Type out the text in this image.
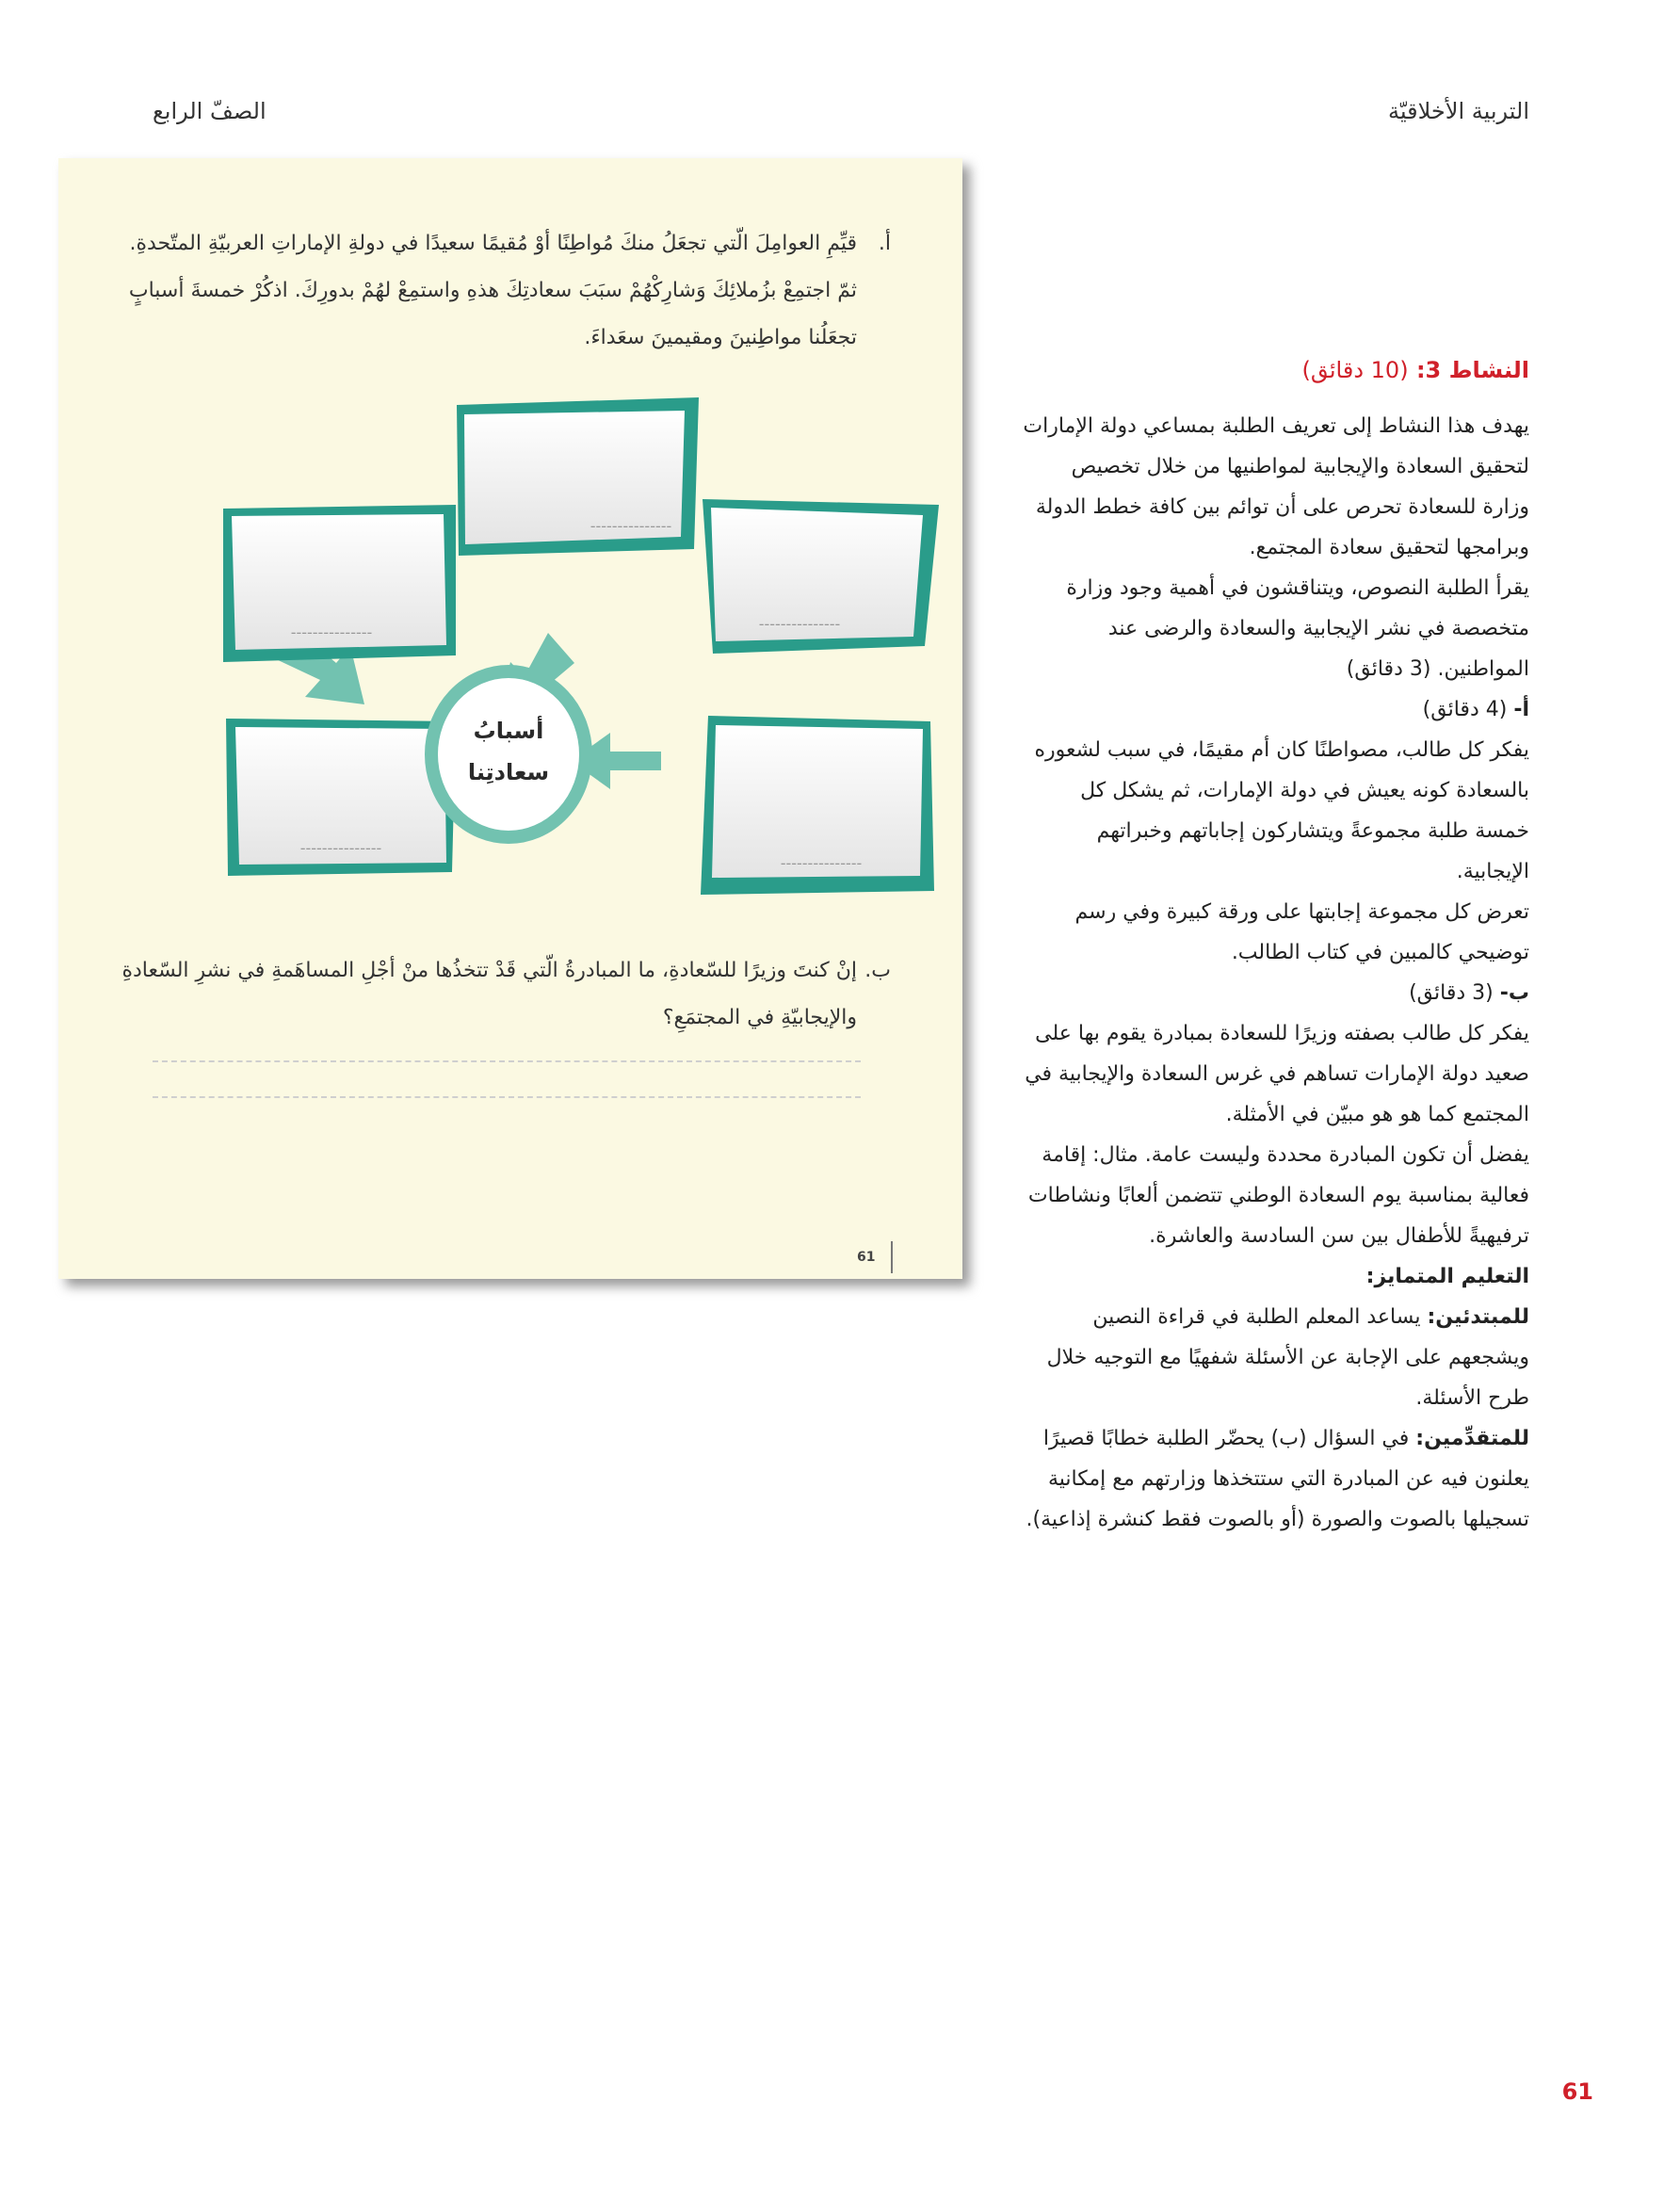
التربية الأخلاقيّة
الصفّ الرابع
أ.
قيِّمِ العوامِلَ الّتي تجعَلُ منكَ مُواطِنًا أوْ مُقيمًا سعيدًا في دولةِ الإماراتِ العربيّةِ المتّحدةِ.
ثمّ اجتمِعْ بزُملائِكَ وَشارِكْهُمْ سبَبَ سعادتِكَ هذهِ واستمِعْ لهُمْ بدورِكَ. اذكُرْ خمسةَ أسبابٍ
تجعَلُنا مواطِنينَ ومقيمينَ سعَداءَ.
---------------
---------------	---------------
---------------
---------------
أسبابُ
سعادتِنا
ب.
إنْ كنتَ وزيرًا للسّعادةِ، ما المبادرةُ الّتي قَدْ تتخذُها منْ أجْلِ المساهَمةِ في نشرِ السّعادةِ
والإيجابيّةِ في المجتمَعِ؟
61

النشاط 3: (10 دقائق)

يهدف هذا النشاط إلى تعريف الطلبة بمساعي دولة الإمارات

لتحقيق السعادة والإيجابية لمواطنيها من خلال تخصيص

وزارة للسعادة تحرص على أن توائم بين كافة خطط الدولة

وبرامجها لتحقيق سعادة المجتمع.

يقرأ الطلبة النصوص، ويتناقشون في أهمية وجود وزارة

متخصصة في نشر الإيجابية والسعادة والرضى عند

المواطنين. (3 دقائق)

أ- (4 دقائق)

يفكر كل طالب، مصواطنًا كان أم مقيمًا، في سبب لشعوره

بالسعادة كونه يعيش في دولة الإمارات، ثم يشكل كل

خمسة طلبة مجموعةً ويتشاركون إجاباتهم وخبراتهم

الإيجابية.

تعرض كل مجموعة إجابتها على ورقة كبيرة وفي رسم

توضيحي كالمبين في كتاب الطالب.

ب- (3 دقائق)

يفكر كل طالب بصفته وزيرًا للسعادة بمبادرة يقوم بها على

صعيد دولة الإمارات تساهم في غرس السعادة والإيجابية في

المجتمع كما هو هو مبيّن في الأمثلة.

يفضل أن تكون المبادرة محددة وليست عامة. مثال: إقامة

فعالية بمناسبة يوم السعادة الوطني تتضمن ألعابًا ونشاطات

ترفيهيةً للأطفال بين سن السادسة والعاشرة.

التعليم المتمايز:

للمبتدئين: يساعد المعلم الطلبة في قراءة النصين

ويشجعهم على الإجابة عن الأسئلة شفهيًا مع التوجيه خلال

طرح الأسئلة.

للمتقدِّمين: في السؤال (ب) يحضّر الطلبة خطابًا قصيرًا

يعلنون فيه عن المبادرة التي ستتخذها وزارتهم مع إمكانية

تسجيلها بالصوت والصورة (أو بالصوت فقط كنشرة إذاعية).

61
